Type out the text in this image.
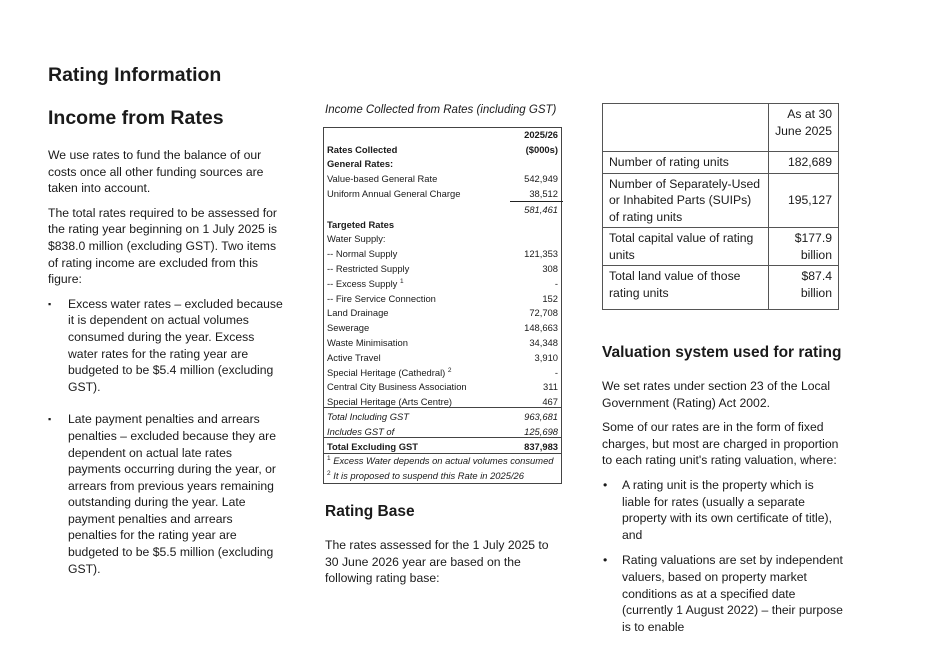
Rating Information
Income from Rates

We use rates to fund the balance of our costs once all other funding sources are taken into account.

The total rates required to be assessed for the rating year beginning on 1 July 2025 is $838.0 million (excluding GST). Two items of rating income are excluded from this figure:

▪ Excess water rates – excluded because it is dependent on actual volumes consumed during the year. Excess water rates for the rating year are budgeted to be $5.4 million (excluding GST).
▪ Late payment penalties and arrears penalties – excluded because they are dependent on actual late rates payments occurring during the year, or arrears from previous years remaining outstanding during the year. Late payment penalties and arrears penalties for the rating year are budgeted to be $5.5 million (excluding GST).
Income Collected from Rates (including GST)
	2025/26
Rates Collected	($000s)
General Rates:	
Value-based General Rate	542,949
Uniform Annual General Charge	38,512
	581,461
Targeted Rates	
Water Supply:	
-- Normal Supply	121,353
-- Restricted Supply	308
-- Excess Supply $^1$	-
-- Fire Service Connection	152
Land Drainage	72,708
Sewerage	148,663
Waste Minimisation	34,348
Active Travel	3,910
Special Heritage (Cathedral) $^2$	-
Central City Business Association	311
Special Heritage (Arts Centre)	467
Total Including GST	963,681
Includes GST of	125,698
Total Excluding GST	837,983
$^1$ Excess Water depends on actual volumes consumed	
$^2$ It is proposed to suspend this Rate in 2025/26	
Rating Base

The rates assessed for the 1 July 2025 to 30 June 2026 year are based on the following rating base:

	As at 30 June 2025
Number of rating units	182,689
Number of Separately-Used or Inhabited Parts (SUIPs) of rating units	195,127
Total capital value of rating units	$177.9 billion
Total land value of those rating units	$87.4 billion
Valuation system used for rating

We set rates under section 23 of the Local Government (Rating) Act 2002.

Some of our rates are in the form of fixed charges, but most are charged in proportion to each rating unit's rating valuation, where:

• A rating unit is the property which is liable for rates (usually a separate property with its own certificate of title), and
• Rating valuations are set by independent valuers, based on property market conditions as at a specified date (currently 1 August 2022) – their purpose is to enable
